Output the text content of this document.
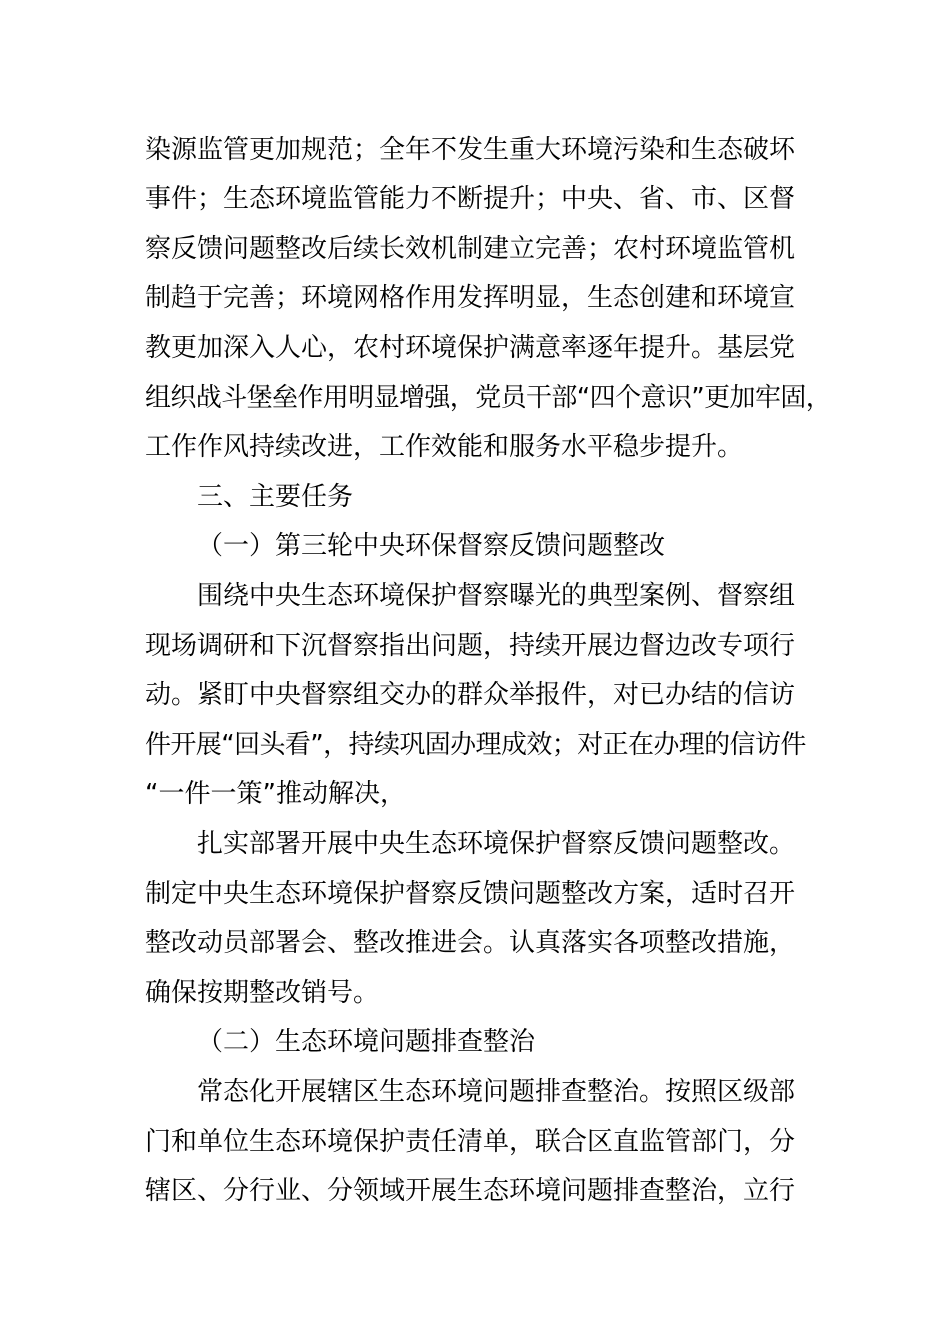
染源监管更加规范；全年不发生重大环境污染和生态破坏
事件；生态环境监管能力不断提升；中央、省、市、区督
察反馈问题整改后续长效机制建立完善；农村环境监管机
制趋于完善；环境网格作用发挥明显，生态创建和环境宣
教更加深入人心，农村环境保护满意率逐年提升。基层党
组织战斗堡垒作用明显增强，党员干部“四个意识”更加牢固，
工作作风持续改进，工作效能和服务水平稳步提升。
三、主要任务
（一）第三轮中央环保督察反馈问题整改
围绕中央生态环境保护督察曝光的典型案例、督察组
现场调研和下沉督察指出问题，持续开展边督边改专项行
动。紧盯中央督察组交办的群众举报件，对已办结的信访
件开展“回头看”，持续巩固办理成效；对正在办理的信访件
“一件一策”推动解决，
扎实部署开展中央生态环境保护督察反馈问题整改。
制定中央生态环境保护督察反馈问题整改方案，适时召开
整改动员部署会、整改推进会。认真落实各项整改措施，
确保按期整改销号。
（二）生态环境问题排查整治
常态化开展辖区生态环境问题排查整治。按照区级部
门和单位生态环境保护责任清单，联合区直监管部门，分
辖区、分行业、分领域开展生态环境问题排查整治，立行
